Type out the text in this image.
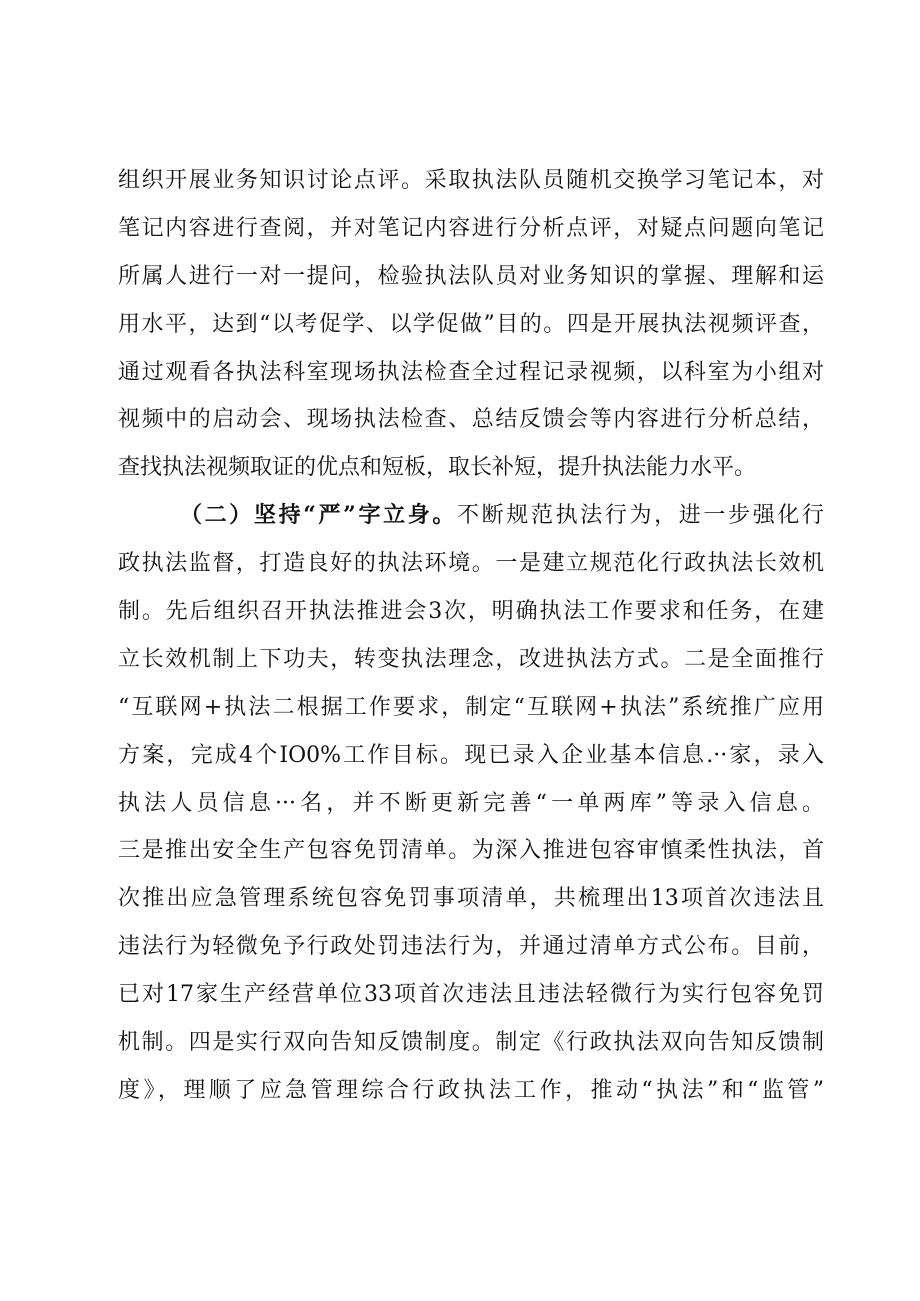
组织开展业务知识讨论点评。采取执法队员随机交换学习笔记本，对
笔记内容进行查阅，并对笔记内容进行分析点评，对疑点问题向笔记
所属人进行一对一提问，检验执法队员对业务知识的掌握、理解和运
用水平，达到“以考促学、以学促做”目的。四是开展执法视频评查，
通过观看各执法科室现场执法检查全过程记录视频，以科室为小组对
视频中的启动会、现场执法检查、总结反馈会等内容进行分析总结，
查找执法视频取证的优点和短板，取长补短，提升执法能力水平。
（二）坚持“严”字立身。不断规范执法行为，进一步强化行
政执法监督，打造良好的执法环境。一是建立规范化行政执法长效机
制。先后组织召开执法推进会3次，明确执法工作要求和任务，在建
立长效机制上下功夫，转变执法理念，改进执法方式。二是全面推行
“互联网+执法二根据工作要求，制定“互联网+执法”系统推广应用
方案，完成4个IO0%工作目标。现已录入企业基本信息.··家，录入
执法人员信息···名，并不断更新完善“一单两库”等录入信息。
三是推出安全生产包容免罚清单。为深入推进包容审慎柔性执法，首
次推出应急管理系统包容免罚事项清单，共梳理出13项首次违法且
违法行为轻微免予行政处罚违法行为，并通过清单方式公布。目前，
已对17家生产经营单位33项首次违法且违法轻微行为实行包容免罚
机制。四是实行双向告知反馈制度。制定《行政执法双向告知反馈制
度》，理顺了应急管理综合行政执法工作，推动“执法”和“监管”
